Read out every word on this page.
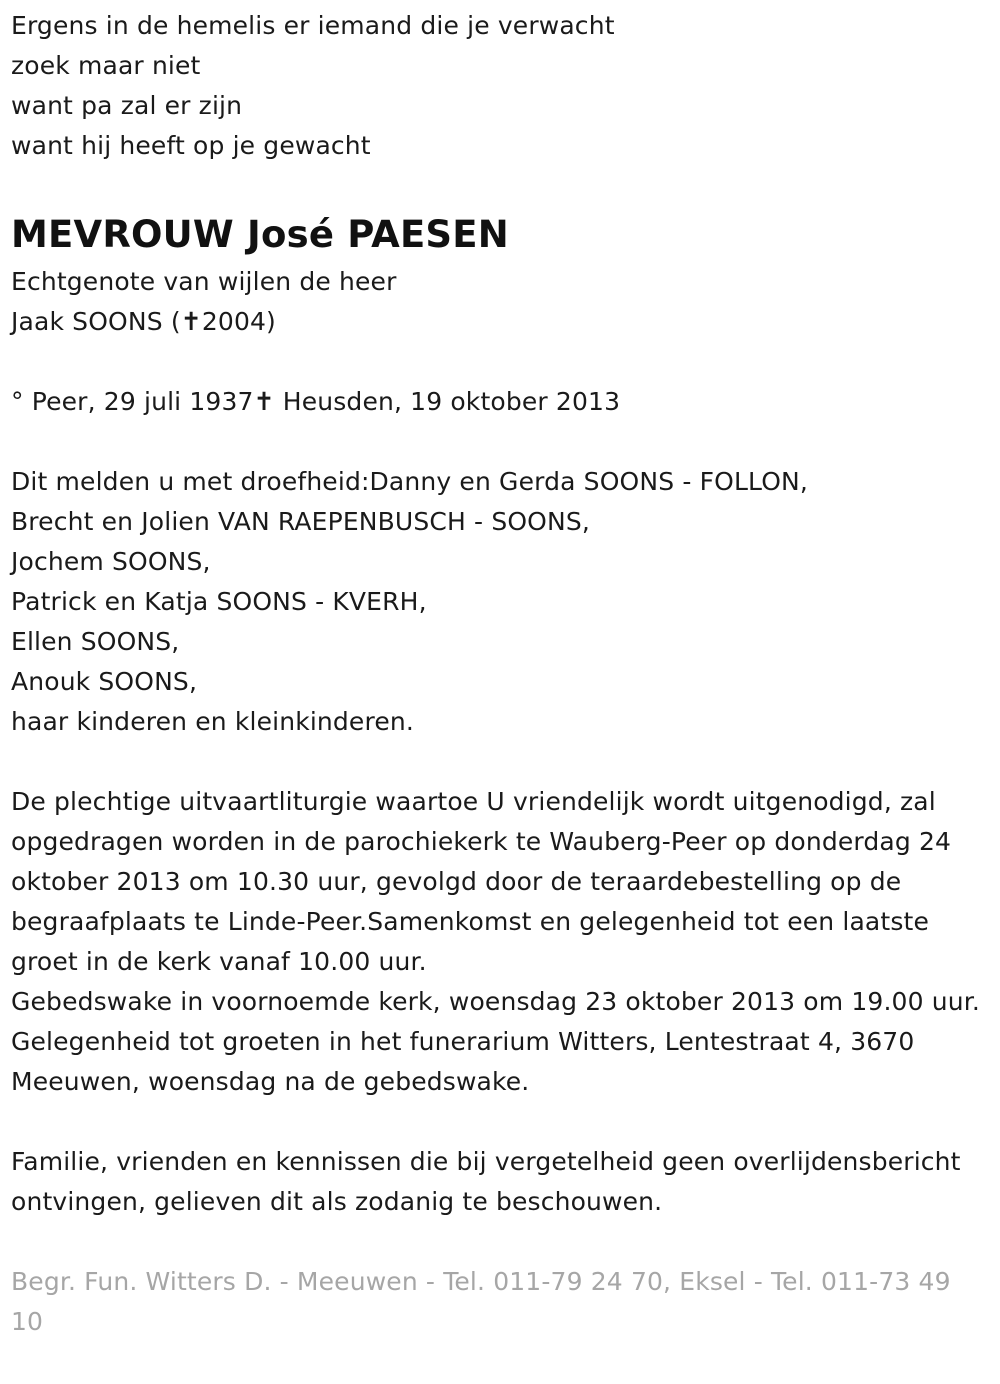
Ergens in de hemelis er iemand die je verwacht
zoek maar niet
want pa zal er zijn
want hij heeft op je gewacht
MEVROUW José PAESEN
Echtgenote van wijlen de heer
Jaak SOONS (✝2004)
° Peer, 29 juli 1937✝ Heusden, 19 oktober 2013
Dit melden u met droefheid:Danny en Gerda SOONS - FOLLON,
Brecht en Jolien VAN RAEPENBUSCH - SOONS,
Jochem SOONS,
Patrick en Katja SOONS - KVERH,
Ellen SOONS,
Anouk SOONS,
haar kinderen en kleinkinderen.
De plechtige uitvaartliturgie waartoe U vriendelijk wordt uitgenodigd, zal opgedragen worden in de parochiekerk te Wauberg-Peer op donderdag 24 oktober 2013 om 10.30 uur, gevolgd door de teraardebestelling op de begraafplaats te Linde-Peer.Samenkomst en gelegenheid tot een laatste groet in de kerk vanaf 10.00 uur.
Gebedswake in voornoemde kerk, woensdag 23 oktober 2013 om 19.00 uur.
Gelegenheid tot groeten in het funerarium Witters, Lentestraat 4, 3670 Meeuwen, woensdag na de gebedswake.
Familie, vrienden en kennissen die bij vergetelheid geen overlijdensbericht ontvingen, gelieven dit als zodanig te beschouwen.
Begr. Fun. Witters D. - Meeuwen - Tel. 011-79 24 70, Eksel - Tel. 011-73 49 10
